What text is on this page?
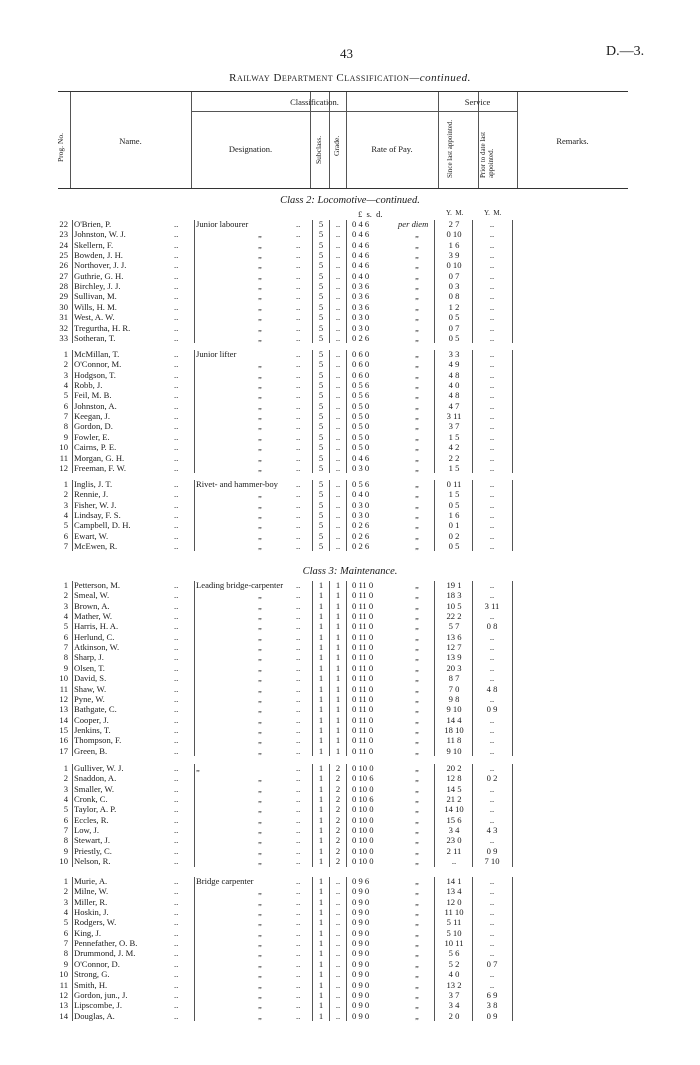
43	D.—3.
Railway Department Classification—continued.
Prog. No.	Name.
Classification.	Service
Designation.	Subclass. Grade.	Rate of Pay.	Since last appointed.	Prior to date last appointed.
Remarks.
Class 2: Locomotive—continued.
£  s.  d.	Y.  M.	Y.  M.
Class 3: Maintenance.
22 O'Brien, P.	.. Junior labourer	..	5	..	0 4 6	per diem	2 7	..
23 Johnston, W. J.	..	„	..	5	..	0 4 6	„	0 10	..
24 Skellern, F.	..	„	..	5	..	0 4 6	„	1 6	..
25 Bowden, J. H.	..	„	..	5	..	0 4 6	„	3 9	..
26 Northover, J. J.	..	„	..	5	..	0 4 6	„	0 10	..
27 Guthrie, G. H.	..	„	..	5	..	0 4 0	„	0 7	..
28 Birchley, J. J.	..	„	..	5	..	0 3 6	„	0 3	..
29 Sullivan, M.	..	„	..	5	..	0 3 6	„	0 8	..
30 Wills, H. M.	..	„	..	5	..	0 3 6	„	1 2	..
31 West, A. W.	..	„	..	5	..	0 3 0	„	0 5	..
32 Tregurtha, H. R.	..	„	..	5	..	0 3 0	„	0 7	..
33 Sotheran, T.	..	„	..	5	..	0 2 6	„	0 5	..
1 McMillan, T.	.. Junior lifter	..	5	..	0 6 0	„	3 3	..
2 O'Connor, M.	..	„	..	5	..	0 6 0	„	4 9	..
3 Hodgson, T.	..	„	..	5	..	0 6 0	„	4 8	..
4 Robb, J.	..	„	..	5	..	0 5 6	„	4 0	..
5 Feil, M. B.	..	„	..	5	..	0 5 6	„	4 8	..
6 Johnston, A.	..	„	..	5	..	0 5 0	„	4 7	..
7 Keegan, J.	..	„	..	5	..	0 5 0	„	3 11	..
8 Gordon, D.	..	„	..	5	..	0 5 0	„	3 7	..
9 Fowler, E.	..	„	..	5	..	0 5 0	„	1 5	..
10 Cairns, P. E.	..	„	..	5	..	0 5 0	„	4 2	..
11 Morgan, G. H.	..	„	..	5	..	0 4 6	„	2 2	..
12 Freeman, F. W.	..	„	..	5	..	0 3 0	„	1 5	..
1 Inglis, J. T.	.. Rivet- and hammer-boy ..	5	..	0 5 6	„	0 11	..
2 Rennie, J.	..	„	..	5	..	0 4 0	„	1 5	..
3 Fisher, W. J.	..	„	..	5	..	0 3 0	„	0 5	..
4 Lindsay, F. S.	..	„	..	5	..	0 3 0	„	1 6	..
5 Campbell, D. H.	..	„	..	5	..	0 2 6	„	0 1	..
6 Ewart, W.	..	„	..	5	..	0 2 6	„	0 2	..
7 McEwen, R.	..	„	..	5	..	0 2 6	„	0 5	..
1 Petterson, M.	.. Leading bridge-carpenter ..	1	1	0 11 0	„	19 1	..
2 Smeal, W.	..	„	..	1	1	0 11 0	„	18 3	..
3 Brown, A.	..	„	..	1	1	0 11 0	„	10 5	3 11
4 Mather, W.	..	„	..	1	1	0 11 0	„	22 2	..
5 Harris, H. A.	..	„	..	1	1	0 11 0	„	5 7	0 8
6 Herlund, C.	..	„	..	1	1	0 11 0	„	13 6	..
7 Atkinson, W.	..	„	..	1	1	0 11 0	„	12 7	..
8 Sharp, J.	..	„	..	1	1	0 11 0	„	13 9	..
9 Olsen, T.	..	„	..	1	1	0 11 0	„	20 3	..
10 David, S.	..	„	..	1	1	0 11 0	„	8 7	..
11 Shaw, W.	..	„	..	1	1	0 11 0	„	7 0	4 8
12 Pyne, W.	..	„	..	1	1	0 11 0	„	9 8	..
13 Bathgate, C.	..	„	..	1	1	0 11 0	„	9 10	0 9
14 Cooper, J.	..	„	..	1	1	0 11 0	„	14 4	..
15 Jenkins, T.	..	„	..	1	1	0 11 0	„	18 10	..
16 Thompson, F.	..	„	..	1	1	0 11 0	„	11 8	..
17 Green, B.	..	„	..	1	1	0 11 0	„	9 10	..
1 Gulliver, W. J.	.. „	..	1	2	0 10 0	„	20 2	..
2 Snaddon, A.	..	„	..	1	2	0 10 6	„	12 8	0 2
3 Smaller, W.	..	„	..	1	2	0 10 0	„	14 5	..
4 Cronk, C.	..	„	..	1	2	0 10 6	„	21 2	..
5 Taylor, A. P.	..	„	..	1	2	0 10 0	„	14 10	..
6 Eccles, R.	..	„	..	1	2	0 10 0	„	15 6	..
7 Low, J.	..	„	..	1	2	0 10 0	„	3 4	4 3
8 Stewart, J.	..	„	..	1	2	0 10 0	„	23 0	..
9 Priestly, C.	..	„	..	1	2	0 10 0	„	2 11	0 9
10 Nelson, R.	..	„	..	1	2	0 10 0	„	..	7 10
1 Murie, A.	.. Bridge carpenter	..	1	..	0 9 6	„	14 1	..
2 Milne, W.	..	„	..	1	..	0 9 0	„	13 4	..
3 Miller, R.	..	„	..	1	..	0 9 0	„	12 0	..
4 Hoskin, J.	..	„	..	1	..	0 9 0	„	11 10	..
5 Rodgers, W.	..	„	..	1	..	0 9 0	„	5 11	..
6 King, J.	..	„	..	1	..	0 9 0	„	5 10	..
7 Pennefather, O. B.	..	„	..	1	..	0 9 0	„	10 11	..
8 Drummond, J. M.	..	„	..	1	..	0 9 0	„	5 6	..
9 O'Connor, D.	..	„	..	1	..	0 9 0	„	5 2	0 7
10 Strong, G.	..	„	..	1	..	0 9 0	„	4 0	..
11 Smith, H.	..	„	..	1	..	0 9 0	„	13 2	..
12 Gordon, jun., J.	..	„	..	1	..	0 9 0	„	3 7	6 9
13 Lipscombe, J.	..	„	..	1	..	0 9 0	„	3 4	3 8
14 Douglas, A.	..	„	..	1	..	0 9 0	„	2 0	0 9
